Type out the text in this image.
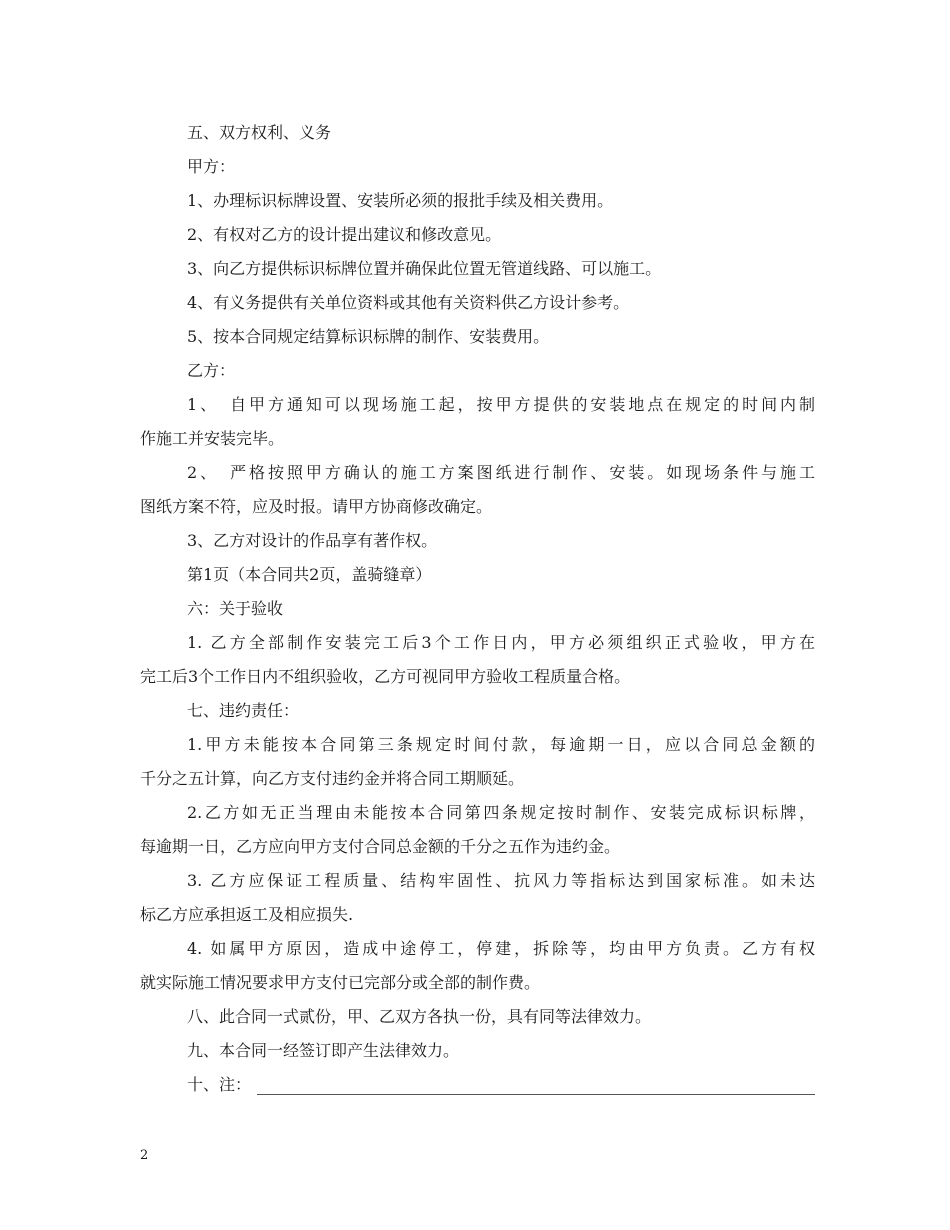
五、双方权利、义务
甲方：
1、办理标识标牌设置、安装所必须的报批手续及相关费用。
2、有权对乙方的设计提出建议和修改意见。
3、向乙方提供标识标牌位置并确保此位置无管道线路、可以施工。
4、有义务提供有关单位资料或其他有关资料供乙方设计参考。
5、按本合同规定结算标识标牌的制作、安装费用。
乙方：
1、　自甲方通知可以现场施工起，按甲方提供的安装地点在规定的时间内制
作施工并安装完毕。
2、　严格按照甲方确认的施工方案图纸进行制作、安装。如现场条件与施工
图纸方案不符，应及时报。请甲方协商修改确定。
3、乙方对设计的作品享有著作权。
第1页（本合同共2页，盖骑缝章）
六：关于验收
1. 乙方全部制作安装完工后3个工作日内，甲方必须组织正式验收，甲方在
完工后3个工作日内不组织验收，乙方可视同甲方验收工程质量合格。
七、违约责任：
1.甲方未能按本合同第三条规定时间付款，每逾期一日，应以合同总金额的
千分之五计算，向乙方支付违约金并将合同工期顺延。
2.乙方如无正当理由未能按本合同第四条规定按时制作、安装完成标识标牌，
每逾期一日，乙方应向甲方支付合同总金额的千分之五作为违约金。
3. 乙方应保证工程质量、结构牢固性、抗风力等指标达到国家标准。如未达
标乙方应承担返工及相应损失.
4. 如属甲方原因，造成中途停工，停建，拆除等，均由甲方负责。乙方有权
就实际施工情况要求甲方支付已完部分或全部的制作费。
八、此合同一式贰份，甲、乙双方各执一份，具有同等法律效力。
九、本合同一经签订即产生法律效力。
十、注：
2
